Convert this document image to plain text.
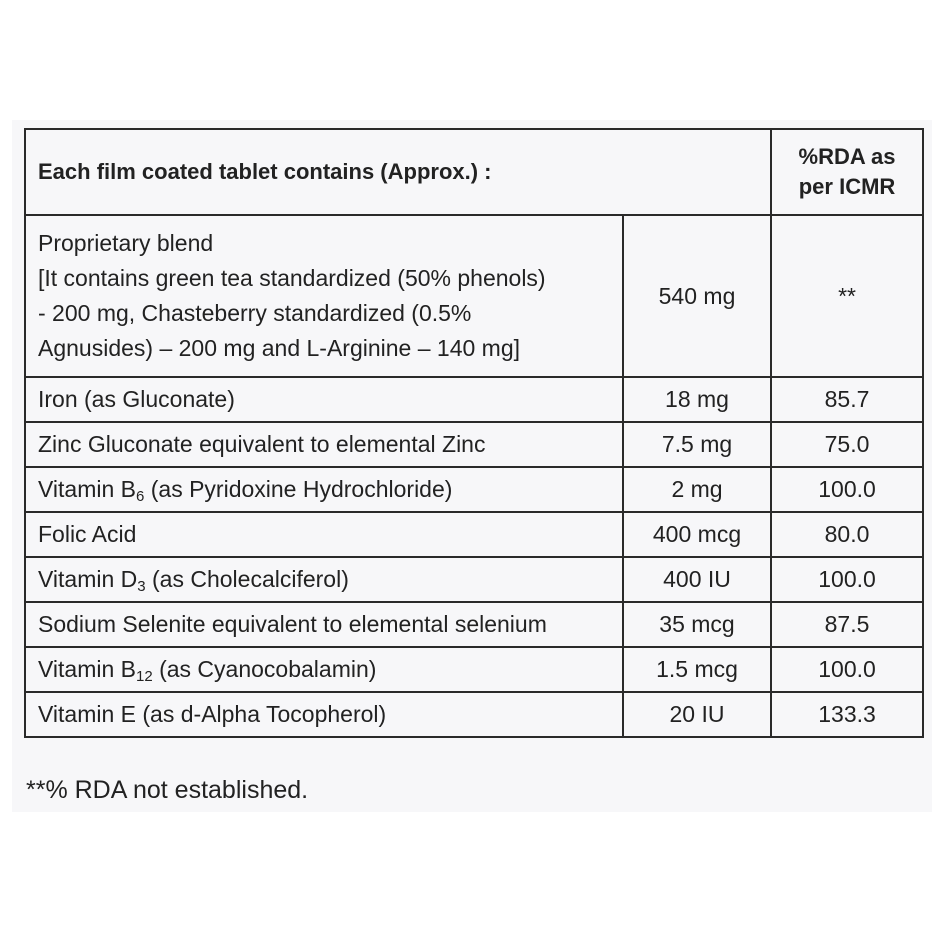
Each film coated tablet contains (Approx.) :		%RDA as
per ICMR

Proprietary blend
[It contains green tea standardized (50% phenols)
- 200 mg, Chasteberry standardized (0.5%
Agnusides) – 200 mg and L-Arginine – 140 mg]	540 mg	**
Iron (as Gluconate)	18 mg	85.7
Zinc Gluconate equivalent to elemental Zinc	7.5 mg	75.0
Vitamin $B_6$ (as Pyridoxine Hydrochloride)	2 mg	100.0
Folic Acid	400 mcg	80.0
Vitamin $D_3$ (as Cholecalciferol)	400 IU	100.0
Sodium Selenite equivalent to elemental selenium	35 mcg	87.5
Vitamin $B_{12}$ (as Cyanocobalamin)	1.5 mcg	100.0
Vitamin E (as d-Alpha Tocopherol)	20 IU	133.3
**% RDA not established.
